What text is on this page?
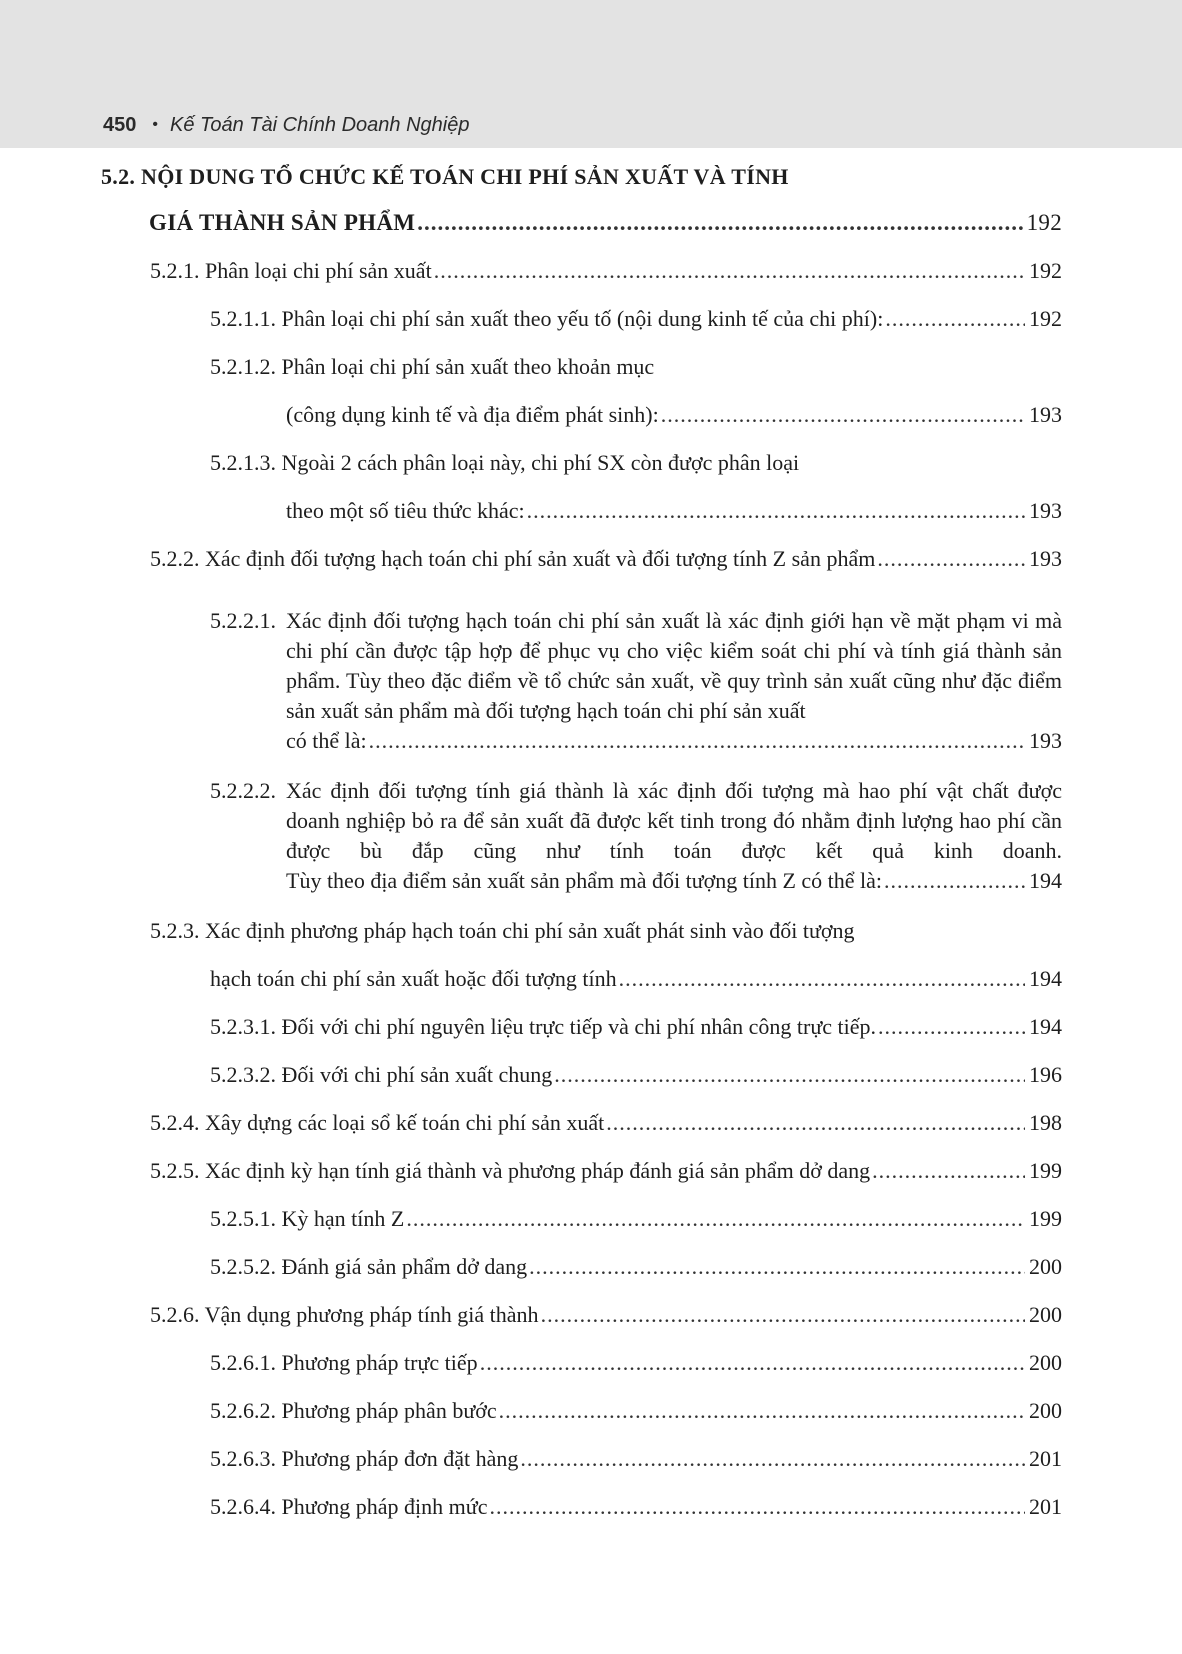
450 • Kế Toán Tài Chính Doanh Nghiệp
5.2. NỘI DUNG TỔ CHỨC KẾ TOÁN CHI PHÍ SẢN XUẤT VÀ TÍNH
GIÁ THÀNH SẢN PHẨM .....	192
5.2.1. Phân loại chi phí sản xuất .....	192
5.2.1.1. Phân loại chi phí sản xuất theo yếu tố (nội dung kinh tế của chi phí): .....	192
5.2.1.2. Phân loại chi phí sản xuất theo khoản mục
(công dụng kinh tế và địa điểm phát sinh): .....	193
5.2.1.3. Ngoài 2 cách phân loại này, chi phí SX còn được phân loại
theo một số tiêu thức khác: .....	193
5.2.2. Xác định đối tượng hạch toán chi phí sản xuất và đối tượng tính Z sản phẩm .....	193
5.2.2.1. Xác định đối tượng hạch toán chi phí sản xuất là xác định giới hạn về mặt phạm vi mà chi phí cần được tập hợp để phục vụ cho việc kiểm soát chi phí và tính giá thành sản phẩm. Tùy theo đặc điểm về tổ chức sản xuất, về quy trình sản xuất cũng như đặc điểm sản xuất sản phẩm mà đối tượng hạch toán chi phí sản xuất
có thể là: .....	193
5.2.2.2. Xác định đối tượng tính giá thành là xác định đối tượng mà hao phí vật chất được doanh nghiệp bỏ ra để sản xuất đã được kết tinh trong đó nhằm định lượng hao phí cần được bù đắp cũng như tính toán được kết quả kinh doanh.
Tùy theo địa điểm sản xuất sản phẩm mà đối tượng tính Z có thể là: .....	194
5.2.3. Xác định phương pháp hạch toán chi phí sản xuất phát sinh vào đối tượng
hạch toán chi phí sản xuất hoặc đối tượng tính .....	194
5.2.3.1. Đối với chi phí nguyên liệu trực tiếp và chi phí nhân công trực tiếp. .....	194
5.2.3.2. Đối với chi phí sản xuất chung .....	196
5.2.4. Xây dựng các loại sổ kế toán chi phí sản xuất .....	198
5.2.5. Xác định kỳ hạn tính giá thành và phương pháp đánh giá sản phẩm dở dang .....	199
5.2.5.1. Kỳ hạn tính Z .....	199
5.2.5.2. Đánh giá sản phẩm dở dang .....	200
5.2.6. Vận dụng phương pháp tính giá thành .....	200
5.2.6.1. Phương pháp trực tiếp .....	200
5.2.6.2. Phương pháp phân bước .....	200
5.2.6.3. Phương pháp đơn đặt hàng .....	201
5.2.6.4. Phương pháp định mức .....	201
